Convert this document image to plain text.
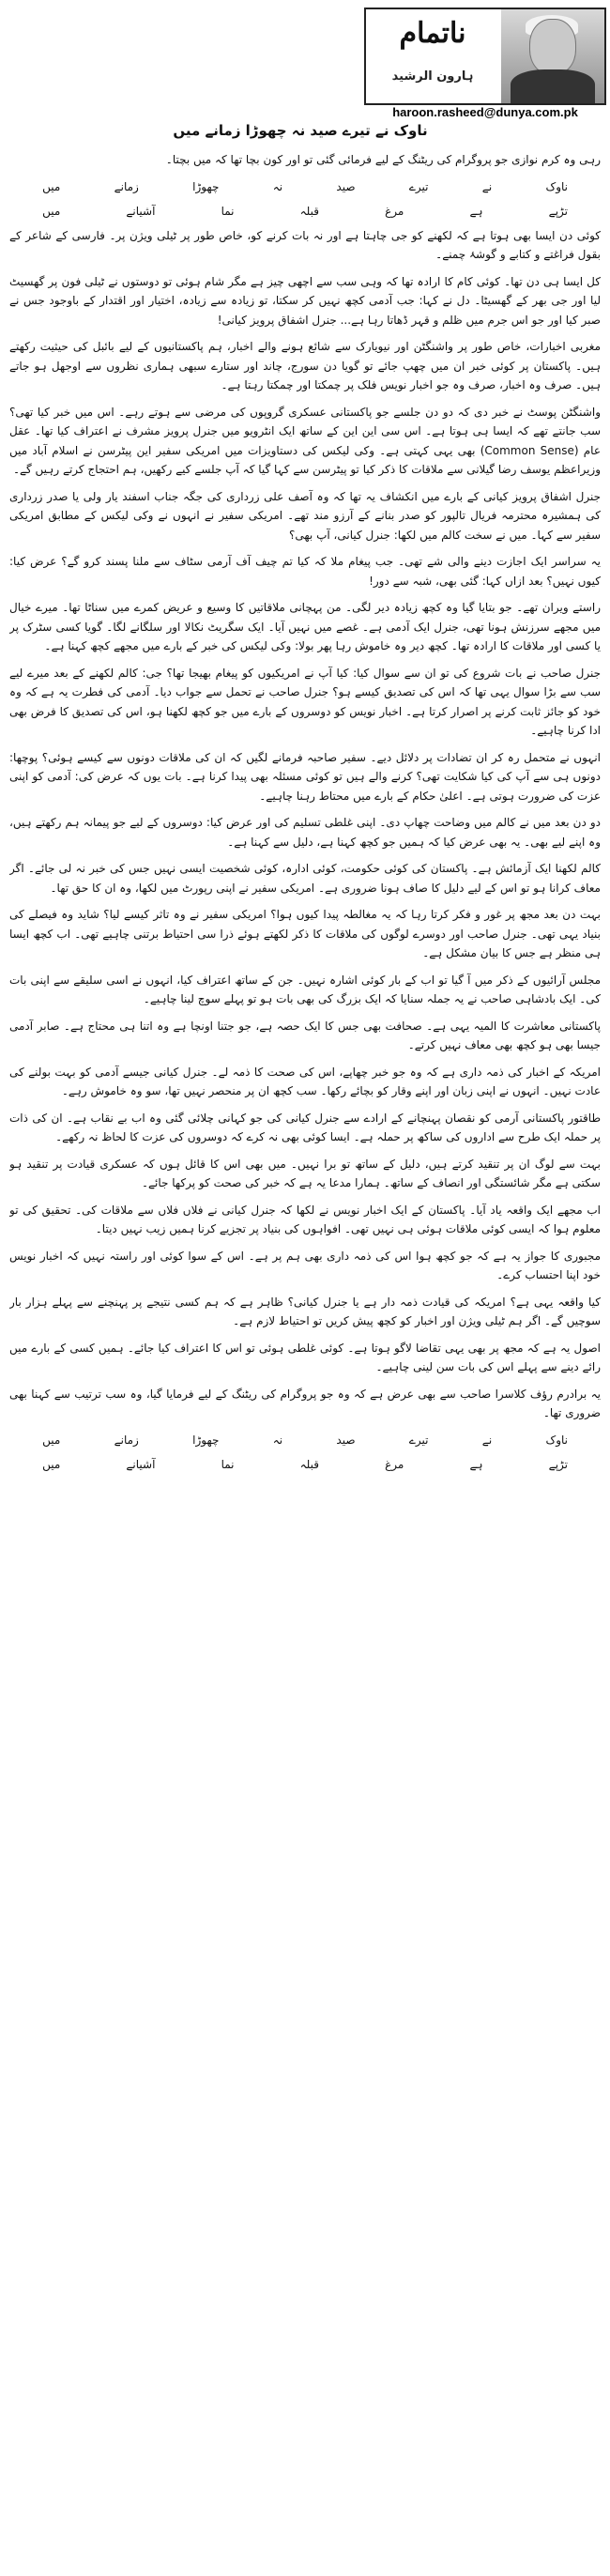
ناتمام
ہارون الرشید
haroon.rasheed@dunya.com.pk
ناوک نے تیرے صید نہ چھوڑا زمانے میں

رہی وہ کرم نوازی جو پروگرام کی ریٹنگ کے لیے فرمائی گئی تو اور کون بچا تھا کہ میں بچتا۔

ناوک
نے
تیرے
صید
نہ
چھوڑا
زمانے
میں
تڑپے
ہے
مرغ
قبلہ
نما
آشیانے
میں

کوئی دن ایسا بھی ہوتا ہے کہ لکھنے کو جی چاہتا ہے اور نہ بات کرنے کو، خاص طور پر ٹیلی ویژن پر۔ فارسی کے شاعر کے بقول فراغتے و کتابے و گوشۂ چمنے۔

کل ایسا ہی دن تھا۔ کوئی کام کا ارادہ تھا کہ وہی سب سے اچھی چیز ہے مگر شام ہوئی تو دوستوں نے ٹیلی فون پر گھسیٹ لیا اور جی بھر کے گھسیٹا۔ دل نے کہا: جب آدمی کچھ نہیں کر سکتا، تو زیادہ سے زیادہ، اختیار اور اقتدار کے باوجود جس نے صبر کیا اور جو اس جرم میں ظلم و قہر ڈھاتا رہا ہے... جنرل اشفاق پرویز کیانی!

مغربی اخبارات، خاص طور پر واشنگٹن اور نیویارک سے شائع ہونے والے اخبار، ہم پاکستانیوں کے لیے بائبل کی حیثیت رکھتے ہیں۔ پاکستان پر کوئی خبر ان میں چھپ جائے تو گویا دن سورج، چاند اور ستارے سبھی ہماری نظروں سے اوجھل ہو جاتے ہیں۔ صرف وہ اخبار، صرف وہ جو اخبار نویس فلک پر چمکتا اور چمکتا رہتا ہے۔

واشنگٹن پوسٹ نے خبر دی کہ دو دن جلسے جو پاکستانی عسکری گروپوں کی مرضی سے ہوتے رہے۔ اس میں خبر کیا تھی؟ سب جانتے تھے کہ ایسا ہی ہوتا ہے۔ اس سی این این کے ساتھ ایک انٹرویو میں جنرل پرویز مشرف نے اعتراف کیا تھا۔ عقل عام (Common Sense) بھی یہی کہتی ہے۔ وکی لیکس کی دستاویزات میں امریکی سفیر این پیٹرسن نے اسلام آباد میں وزیراعظم یوسف رضا گیلانی سے ملاقات کا ذکر کیا تو پیٹرسن سے کہا گیا کہ آپ جلسے کیے رکھیں، ہم احتجاج کرتے رہیں گے۔

جنرل اشفاق پرویز کیانی کے بارے میں انکشاف یہ تھا کہ وہ آصف علی زرداری کی جگہ جناب اسفند یار ولی یا صدر زرداری کی ہمشیرہ محترمہ فریال تالپور کو صدر بنانے کے آرزو مند تھے۔ امریکی سفیر نے انہوں نے وکی لیکس کے مطابق امریکی سفیر سے کہا۔ میں نے سخت کالم میں لکھا: جنرل کیانی، آپ بھی؟

یہ سراسر ایک اجازت دینے والی شے تھی۔ جب پیغام ملا کہ کیا تم چیف آف آرمی سٹاف سے ملنا پسند کرو گے؟ عرض کیا: کیوں نہیں؟ بعد ازاں کہا: گئی بھی، شبہ سے دور!

راستے ویران تھے۔ جو بتایا گیا وہ کچھ زیادہ دیر لگی۔ من پہچانی ملاقاتیں کا وسیع و عریض کمرے میں سناٹا تھا۔ میرے خیال میں مجھے سرزنش ہونا تھی، جنرل ایک آدمی ہے۔ غصے میں نہیں آیا۔ ایک سگریٹ نکالا اور سلگانے لگا۔ گویا کسی سٹرک پر یا کسی اور ملاقات کا ارادہ تھا۔ کچھ دیر وہ خاموش رہا پھر بولا: وکی لیکس کی خبر کے بارے میں مجھے کچھ کہنا ہے۔

جنرل صاحب نے بات شروع کی تو ان سے سوال کیا: کیا آپ نے امریکیوں کو پیغام بھیجا تھا؟ جی: کالم لکھنے کے بعد میرے لیے سب سے بڑا سوال یہی تھا کہ اس کی تصدیق کیسے ہو؟ جنرل صاحب نے تحمل سے جواب دیا۔ آدمی کی فطرت یہ ہے کہ وہ خود کو جائز ثابت کرنے پر اصرار کرتا ہے۔ اخبار نویس کو دوسروں کے بارے میں جو کچھ لکھنا ہو، اس کی تصدیق کا فرض بھی ادا کرنا چاہیے۔

انہوں نے متحمل رہ کر ان تضادات پر دلائل دیے۔ سفیر صاحبہ فرمانے لگیں کہ ان کی ملاقات دونوں سے کیسے ہوئی؟ پوچھا: دونوں ہی سے آپ کی کیا شکایت تھی؟ کرنے والے ہیں تو کوئی مسئلہ بھی پیدا کرنا ہے۔ بات یوں کہ عرض کی: آدمی کو اپنی عزت کی ضرورت ہوتی ہے۔ اعلیٰ حکام کے بارے میں محتاط رہنا چاہیے۔

دو دن بعد میں نے کالم میں وضاحت چھاپ دی۔ اپنی غلطی تسلیم کی اور عرض کیا: دوسروں کے لیے جو پیمانہ ہم رکھتے ہیں، وہ اپنے لیے بھی۔ یہ بھی عرض کیا کہ ہمیں جو کچھ کہنا ہے، دلیل سے کہنا ہے۔

کالم لکھنا ایک آزمائش ہے۔ پاکستان کی کوئی حکومت، کوئی ادارہ، کوئی شخصیت ایسی نہیں جس کی خبر نہ لی جائے۔ اگر معاف کرانا ہو تو اس کے لیے دلیل کا صاف ہونا ضروری ہے۔ امریکی سفیر نے اپنی رپورٹ میں لکھا، وہ ان کا حق تھا۔

بہت دن بعد مجھ پر غور و فکر کرتا رہا کہ یہ مغالطہ پیدا کیوں ہوا؟ امریکی سفیر نے وہ تاثر کیسے لیا؟ شاید وہ فیصلے کی بنیاد یہی تھی۔ جنرل صاحب اور دوسرے لوگوں کی ملاقات کا ذکر لکھتے ہوئے ذرا سی احتیاط برتنی چاہیے تھی۔ اب کچھ ایسا ہی منظر ہے جس کا بیان مشکل ہے۔

مجلس آرائیوں کے ذکر میں آ گیا تو اب کے بار کوئی اشارہ نہیں۔ جن کے ساتھ اعتراف کیا، انہوں نے اسی سلیقے سے اپنی بات کی۔ ایک بادشاہی صاحب نے یہ جملہ سنایا کہ ایک بزرگ کی بھی بات ہو تو پہلے سوچ لینا چاہیے۔

پاکستانی معاشرت کا المیہ یہی ہے۔ صحافت بھی جس کا ایک حصہ ہے، جو جتنا اونچا ہے وہ اتنا ہی محتاج ہے۔ صابر آدمی جیسا بھی ہو کچھ بھی معاف نہیں کرتے۔

امریکہ کے اخبار کی ذمہ داری ہے کہ وہ جو خبر چھاپے، اس کی صحت کا ذمہ لے۔ جنرل کیانی جیسے آدمی کو بہت بولنے کی عادت نہیں۔ انہوں نے اپنی زبان اور اپنے وقار کو بچائے رکھا۔ سب کچھ ان پر منحصر نہیں تھا، سو وہ خاموش رہے۔

طاقتور پاکستانی آرمی کو نقصان پہنچانے کے ارادے سے جنرل کیانی کی جو کہانی چلائی گئی وہ اب بے نقاب ہے۔ ان کی ذات پر حملہ ایک طرح سے اداروں کی ساکھ پر حملہ ہے۔ ایسا کوئی بھی نہ کرے کہ دوسروں کی عزت کا لحاظ نہ رکھے۔

بہت سے لوگ ان پر تنقید کرتے ہیں، دلیل کے ساتھ تو برا نہیں۔ میں بھی اس کا قائل ہوں کہ عسکری قیادت پر تنقید ہو سکتی ہے مگر شائستگی اور انصاف کے ساتھ۔ ہمارا مدعا یہ ہے کہ خبر کی صحت کو پرکھا جائے۔

اب مجھے ایک واقعہ یاد آیا۔ پاکستان کے ایک اخبار نویس نے لکھا کہ جنرل کیانی نے فلاں فلاں سے ملاقات کی۔ تحقیق کی تو معلوم ہوا کہ ایسی کوئی ملاقات ہوئی ہی نہیں تھی۔ افواہوں کی بنیاد پر تجزیے کرنا ہمیں زیب نہیں دیتا۔

مجبوری کا جواز یہ ہے کہ جو کچھ ہوا اس کی ذمہ داری بھی ہم پر ہے۔ اس کے سوا کوئی اور راستہ نہیں کہ اخبار نویس خود اپنا احتساب کرے۔

کیا واقعہ یہی ہے؟ امریکہ کی قیادت ذمہ دار ہے یا جنرل کیانی؟ ظاہر ہے کہ ہم کسی نتیجے پر پہنچنے سے پہلے ہزار بار سوچیں گے۔ اگر ہم ٹیلی ویژن اور اخبار کو کچھ پیش کریں تو احتیاط لازم ہے۔

اصول یہ ہے کہ مجھ پر بھی یہی تقاضا لاگو ہوتا ہے۔ کوئی غلطی ہوئی تو اس کا اعتراف کیا جائے۔ ہمیں کسی کے بارے میں رائے دینے سے پہلے اس کی بات سن لینی چاہیے۔

یہ برادرم رؤف کلاسرا صاحب سے بھی عرض ہے کہ وہ جو پروگرام کی ریٹنگ کے لیے فرمایا گیا، وہ سب ترتیب سے کہنا بھی ضروری تھا۔

ناوک
نے
تیرے
صید
نہ
چھوڑا
زمانے
میں
تڑپے
ہے
مرغ
قبلہ
نما
آشیانے
میں
